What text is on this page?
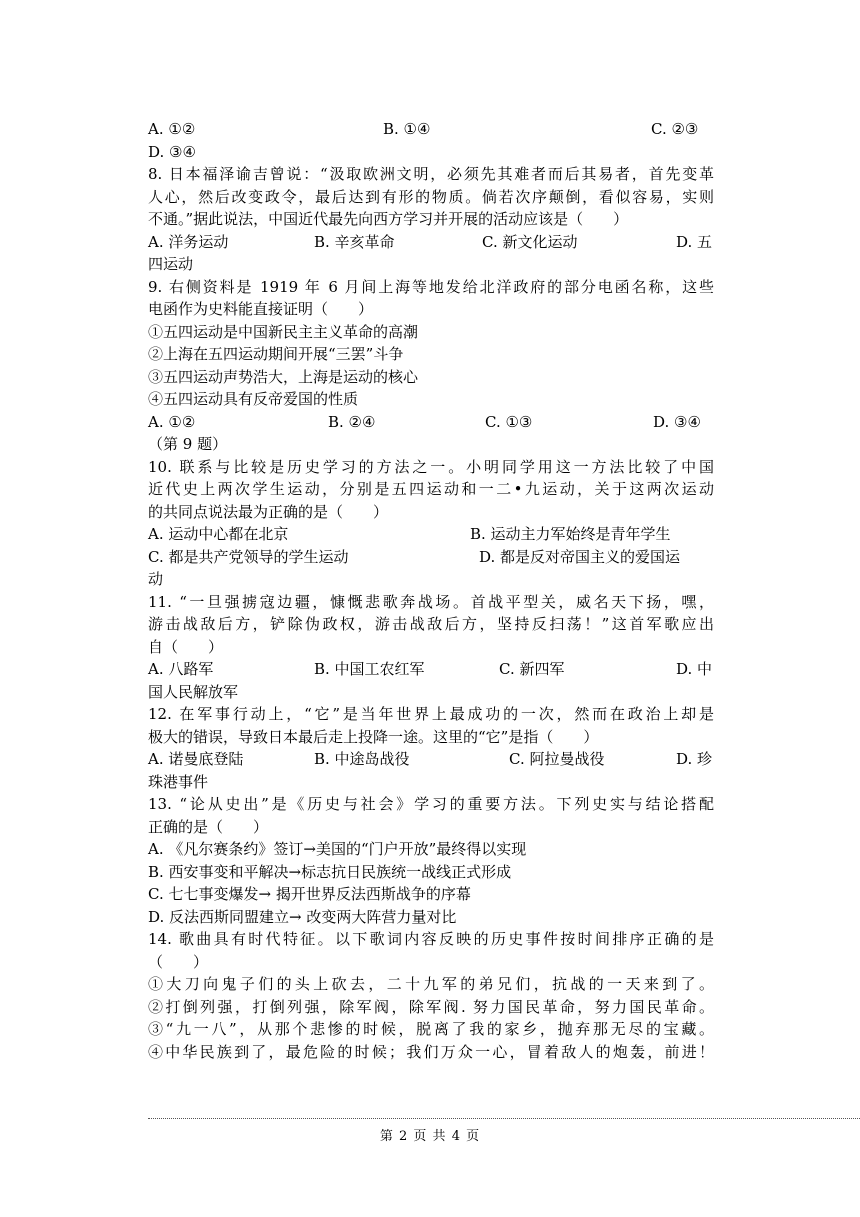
A. ①②	B. ①④	C. ②③
D. ③④
8. 日本福泽谕吉曾说：“汲取欧洲文明，必须先其难者而后其易者，首先变革
人心，然后改变政令，最后达到有形的物质。倘若次序颠倒，看似容易，实则
不通。”据此说法，中国近代最先向西方学习并开展的活动应该是（　　）
A. 洋务运动	B. 辛亥革命	C. 新文化运动	D. 五
四运动
9. 右侧资料是 1919 年 6 月间上海等地发给北洋政府的部分电函名称，这些
电函作为史料能直接证明（　　）
①五四运动是中国新民主主义革命的高潮
②上海在五四运动期间开展“三罢”斗争
③五四运动声势浩大，上海是运动的核心
④五四运动具有反帝爱国的性质
A. ①②	B. ②④	C. ①③	D. ③④
（第 9 题）
10. 联系与比较是历史学习的方法之一。小明同学用这一方法比较了中国
近代史上两次学生运动，分别是五四运动和一二•九运动，关于这两次运动
的共同点说法最为正确的是（　　）
A. 运动中心都在北京	B. 运动主力军始终是青年学生
C. 都是共产党领导的学生运动	D. 都是反对帝国主义的爱国运
动
11. “一旦强掳寇边疆，慷慨悲歌奔战场。首战平型关，威名天下扬，嘿，
游击战敌后方，铲除伪政权，游击战敌后方，坚持反扫荡！”这首军歌应出
自（　　）
A. 八路军	B. 中国工农红军	C. 新四军	D. 中
国人民解放军
12. 在军事行动上，“它”是当年世界上最成功的一次，然而在政治上却是
极大的错误，导致日本最后走上投降一途。这里的“它”是指（　　）
A. 诺曼底登陆	B. 中途岛战役	C. 阿拉曼战役	D. 珍
珠港事件
13. “论从史出”是《历史与社会》学习的重要方法。下列史实与结论搭配
正确的是（　　）
A. 《凡尔赛条约》签订→美国的“门户开放”最终得以实现
B. 西安事变和平解决→标志抗日民族统一战线正式形成
C. 七七事变爆发→ 揭开世界反法西斯战争的序幕
D. 反法西斯同盟建立→ 改变两大阵营力量对比
14. 歌曲具有时代特征。以下歌词内容反映的历史事件按时间排序正确的是
（　　）
①大刀向鬼子们的头上砍去，二十九军的弟兄们，抗战的一天来到了。
②打倒列强，打倒列强，除军阀，除军阀. 努力国民革命，努力国民革命。
③“九一八”，从那个悲惨的时候，脱离了我的家乡，抛弃那无尽的宝藏。
④中华民族到了，最危险的时候；我们万众一心，冒着敌人的炮轰，前进！
第 2 页 共 4 页
